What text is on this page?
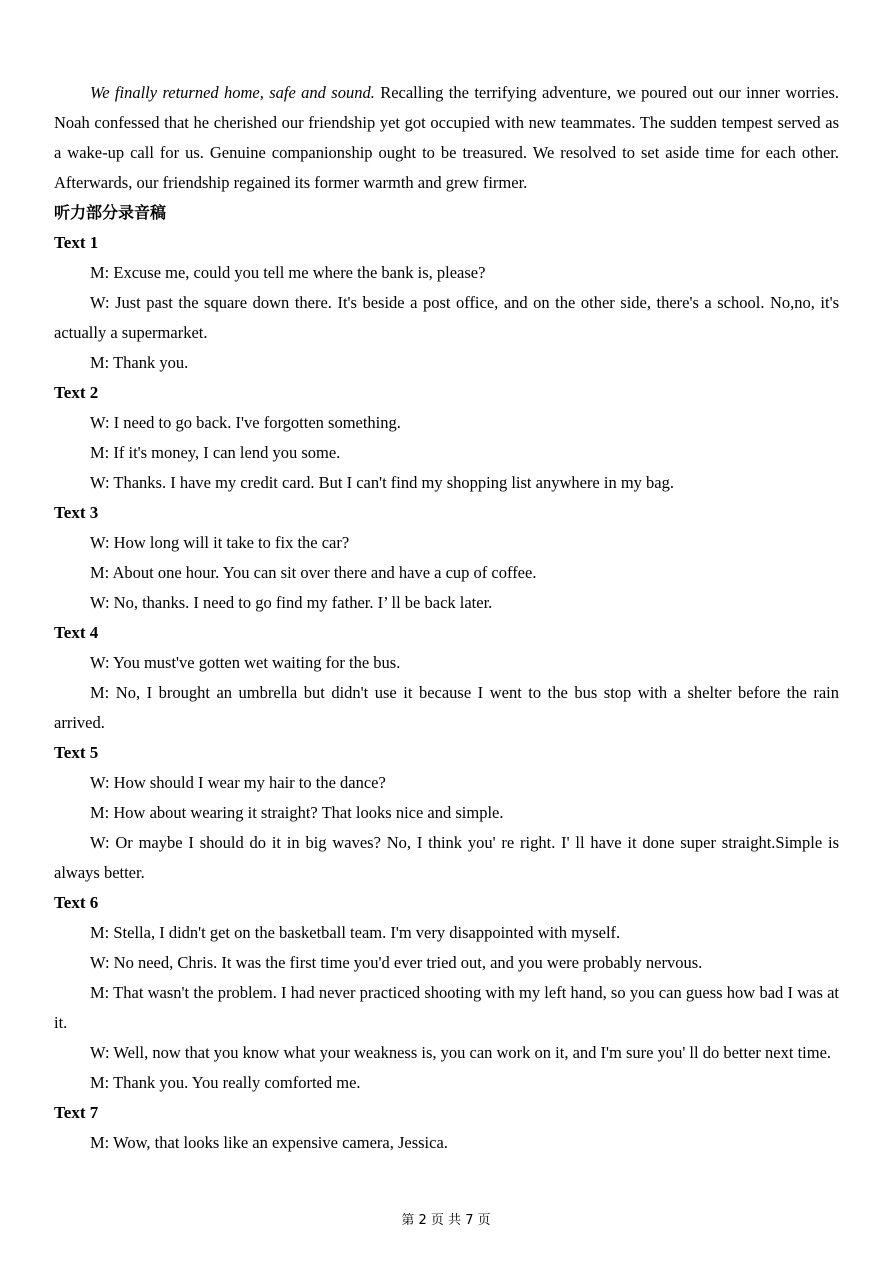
We finally returned home, safe and sound. Recalling the terrifying adventure, we poured out our inner worries. Noah confessed that he cherished our friendship yet got occupied with new teammates. The sudden tempest served as a wake-up call for us. Genuine companionship ought to be treasured. We resolved to set aside time for each other. Afterwards, our friendship regained its former warmth and grew firmer.

听力部分录音稿

Text 1

M: Excuse me, could you tell me where the bank is, please?

W: Just past the square down there. It's beside a post office, and on the other side, there's a school. No,no, it's actually a supermarket.

M: Thank you.

Text 2

W: I need to go back. I've forgotten something.

M: If it's money, I can lend you some.

W: Thanks. I have my credit card. But I can't find my shopping list anywhere in my bag.

Text 3

W: How long will it take to fix the car?

M: About one hour. You can sit over there and have a cup of coffee.

W: No, thanks. I need to go find my father. I’ ll be back later.

Text 4

W: You must've gotten wet waiting for the bus.

M: No, I brought an umbrella but didn't use it because I went to the bus stop with a shelter before the rain arrived.

Text 5

W: How should I wear my hair to the dance?

M: How about wearing it straight? That looks nice and simple.

W: Or maybe I should do it in big waves? No, I think you' re right. I' ll have it done super straight.Simple is always better.

Text 6

M: Stella, I didn't get on the basketball team. I'm very disappointed with myself.

W: No need, Chris. It was the first time you'd ever tried out, and you were probably nervous.

M: That wasn't the problem. I had never practiced shooting with my left hand, so you can guess how bad I was at it.

W: Well, now that you know what your weakness is, you can work on it, and I'm sure you' ll do better next time.

M: Thank you. You really comforted me.

Text 7

M: Wow, that looks like an expensive camera, Jessica.

第 2 页 共 7 页
